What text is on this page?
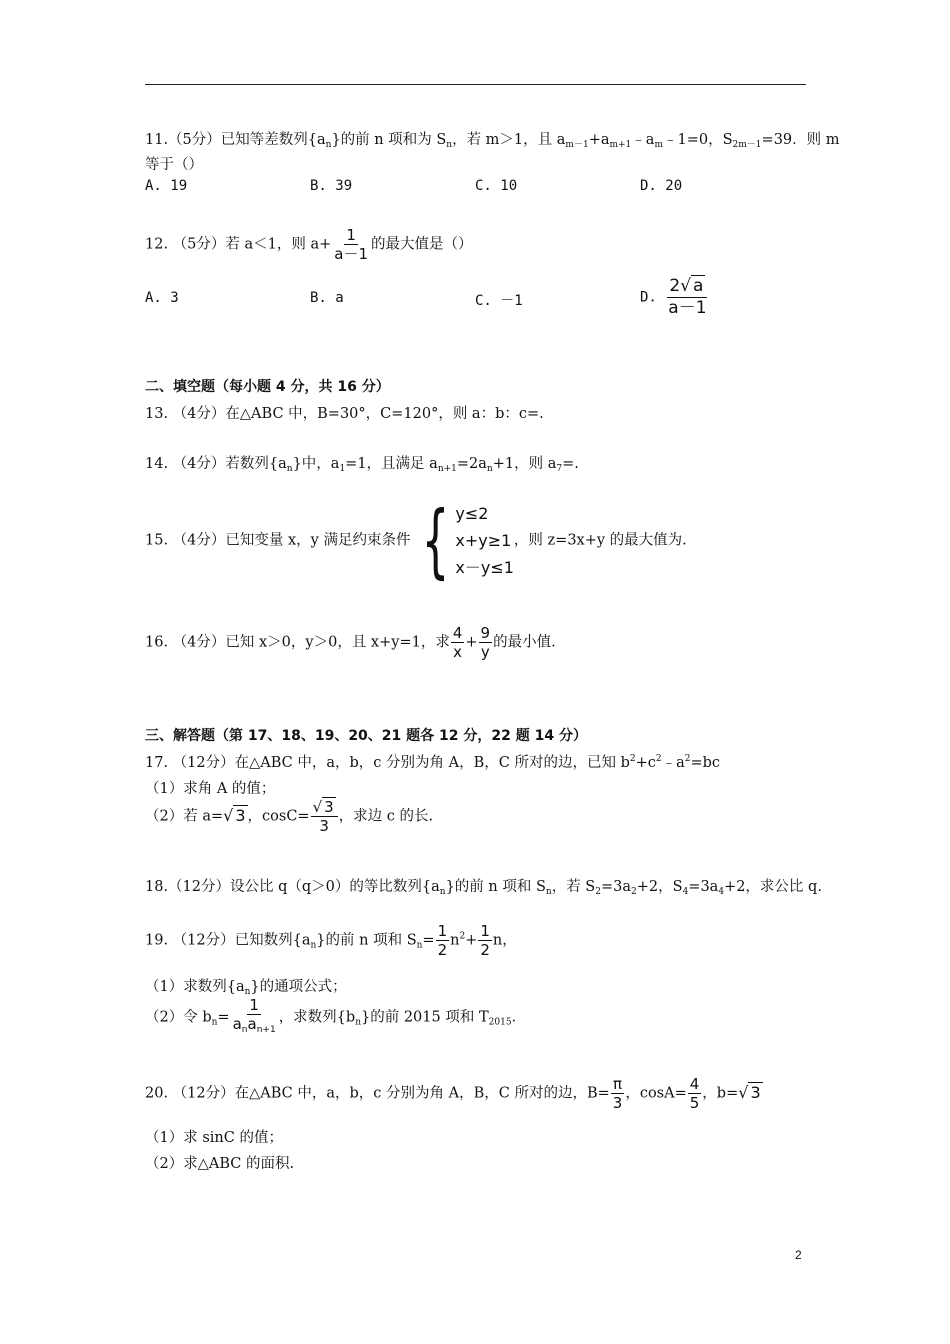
11.（5分）已知等差数列$\{a_n\}$的前 n 项和为 $S_n$，若 m＞1，且 $a_{m-1}+a_{m+1}﹣a_m﹣1=0$，$S_{2m-1}=39$．则 m
等于（）
A. 19	B. 39	C. 10	D. 20
12. （5分）若 a＜1，则 $a+ \frac{1}{a-1}$ 的最大值是（）
A. 3	B. a	C. －1	D. $\frac{2√ a}{a-1}$
二、填空题（每小题 4 分，共 16 分）
13. （4分）在△ABC 中，B=30°，C=120°，则 a：b：c=.
14. （4分）若数列$\{a_n\}$中，$a_1=1$，且满足 $a_{n+1}=2a_n+1$，则 $a_7=$.
15. （4分）已知变量 x，y 满足约束条件 { y≤2
x+y≥1
x－y≤1
，则 z=3x+y 的最大值为.
16. （4分）已知 x＞0，y＞0，且 x+y=1，求 $\frac{4}{x} + \frac{9}{y}$ 的最小值.
三、解答题（第 17、18、19、20、21 题各 12 分，22 题 14 分）
17. （12分）在△ABC 中，a，b，c 分别为角 A，B，C 所对的边，已知 $b^2+c^2﹣a^2=bc$
（1）求角 A 的值；
（2）若 a=√ 3 ，$\cos C= \frac{√ 3}{3}$ ，求边 c 的长.
18.（12分）设公比 q（q＞0）的等比数列$\{a_n\}$的前 n 项和 $S_n$，若 $S_2=3a_2+2$，$S_4=3a_4+2$，求公比 q.
19. （12分）已知数列$\{a_n\}$的前 n 项和 $S_n= \frac{1}{2} n^2+ \frac{1}{2}$ n，
（1）求数列$\{a_n\}$的通项公式；
（2）令 $b_n= \frac{1}{a_na_{n+1}}$ ，求数列$\{b_n\}$的前 2015 项和 $T_{2015}$.
20. （12分）在△ABC 中，a，b，c 分别为角 A，B，C 所对的边，$B= \frac{\pi}{3}$ ，$\cos A= \frac{4}{5}$ ，b=√ 3
（1）求 sinC 的值；
（2）求△ABC 的面积.
2
